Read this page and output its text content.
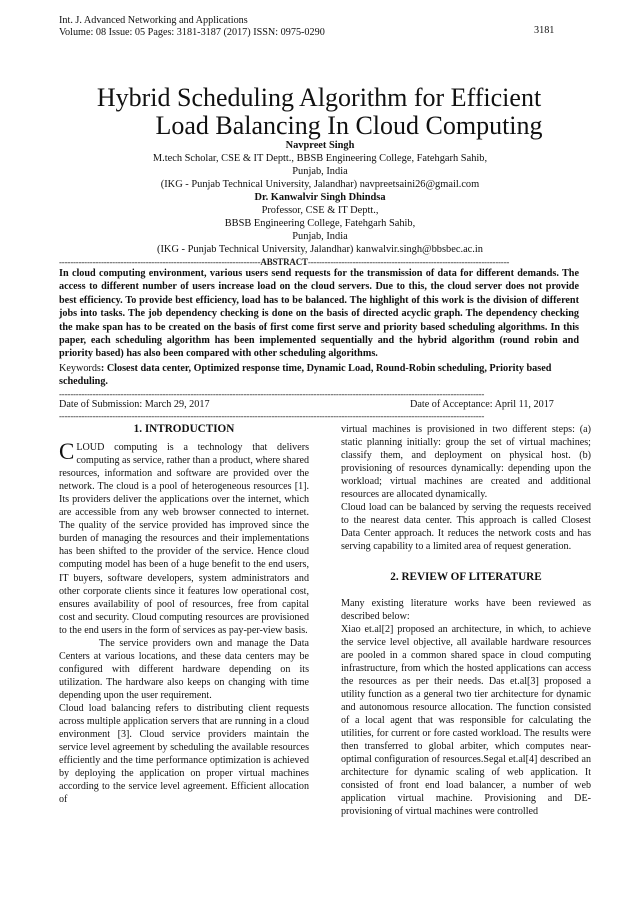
Int. J. Advanced Networking and Applications
Volume: 08 Issue: 05 Pages: 3181-3187 (2017) ISSN: 0975-0290	3181
Hybrid Scheduling Algorithm for Efficient
Load Balancing In Cloud Computing
Navpreet Singh
M.tech Scholar, CSE & IT Deptt., BBSB Engineering College, Fatehgarh Sahib,
Punjab, India
(IKG - Punjab Technical University, Jalandhar) navpreetsaini26@gmail.com
Dr. Kanwalvir Singh Dhindsa
Professor, CSE & IT Deptt.,
BBSB Engineering College, Fatehgarh Sahib,
Punjab, India
(IKG - Punjab Technical University, Jalandhar) kanwalvir.singh@bbsbec.ac.in
------------------------------------------------------------------------ABSTRACT------------------------------------------------------------------------
In cloud computing environment, various users send requests for the transmission of data for different demands. The access to different number of users increase load on the cloud servers. Due to this, the cloud server does not provide best efficiency. To provide best efficiency, load has to be balanced. The highlight of this work is the division of different jobs into tasks. The job dependency checking is done on the basis of directed acyclic graph. The dependency checking the make span has to be created on the basis of first come first serve and priority based scheduling algorithms. In this paper, each scheduling algorithm has been implemented sequentially and the hybrid algorithm (round robin and priority based) has also been compared with other scheduling algorithms.
Keywords: Closest data center, Optimized response time, Dynamic Load, Round-Robin scheduling, Priority based scheduling.
--------------------------------------------------------------------------------------------------------------------------------------------------------
Date of Submission: March 29, 2017	Date of Acceptance: April 11, 2017
--------------------------------------------------------------------------------------------------------------------------------------------------------
1. INTRODUCTION

CLOUD computing is a technology that delivers computing as service, rather than a product, where shared resources, information and software are provided over the network. The cloud is a pool of heterogeneous resources [1]. Its providers deliver the applications over the internet, which are accessible from any web browser connected to internet. The quality of the service provided has improved since the burden of managing the resources and their implementations has been shifted to the provider of the service. Hence cloud computing model has been of a huge benefit to the end users, IT buyers, software developers, system administrators and other corporate clients since it features low operational cost, ensures availability of pool of resources, free from capital cost and security. Cloud computing resources are provisioned to the end users in the form of services as pay-per-view basis.

The service providers own and manage the Data Centers at various locations, and these data centers may be configured with different hardware depending on its utilization. The hardware also keeps on changing with time depending upon the user requirement.

Cloud load balancing refers to distributing client requests across multiple application servers that are running in a cloud environment [3]. Cloud service providers maintain the service level agreement by scheduling the available resources efficiently and the time performance optimization is achieved by deploying the application on proper virtual machines according to the service level agreement. Efficient allocation of

virtual machines is provisioned in two different steps: (a) static planning initially: group the set of virtual machines; classify them, and deployment on physical host. (b) provisioning of resources dynamically: depending upon the workload; virtual machines are created and additional resources are allocated dynamically.

Cloud load can be balanced by serving the requests received to the nearest data center. This approach is called Closest Data Center approach. It reduces the network costs and has serving capability to a limited area of request generation.

2. REVIEW OF LITERATURE

Many existing literature works have been reviewed as described below:

Xiao et.al[2] proposed an architecture, in which, to achieve the service level objective, all available hardware resources are pooled in a common shared space in cloud computing infrastructure, from which the hosted applications can access the resources as per their needs. Das et.al[3] proposed a utility function as a general two tier architecture for dynamic and autonomous resource allocation. The function consisted of a local agent that was responsible for calculating the utilities, for current or fore casted workload. The results were then transferred to global arbiter, which computes near-optimal configuration of resources.Segal et.al[4] described an architecture for dynamic scaling of web application. It consisted of front end load balancer, a number of web application virtual machine. Provisioning and DE-provisioning of virtual machines were controlled
